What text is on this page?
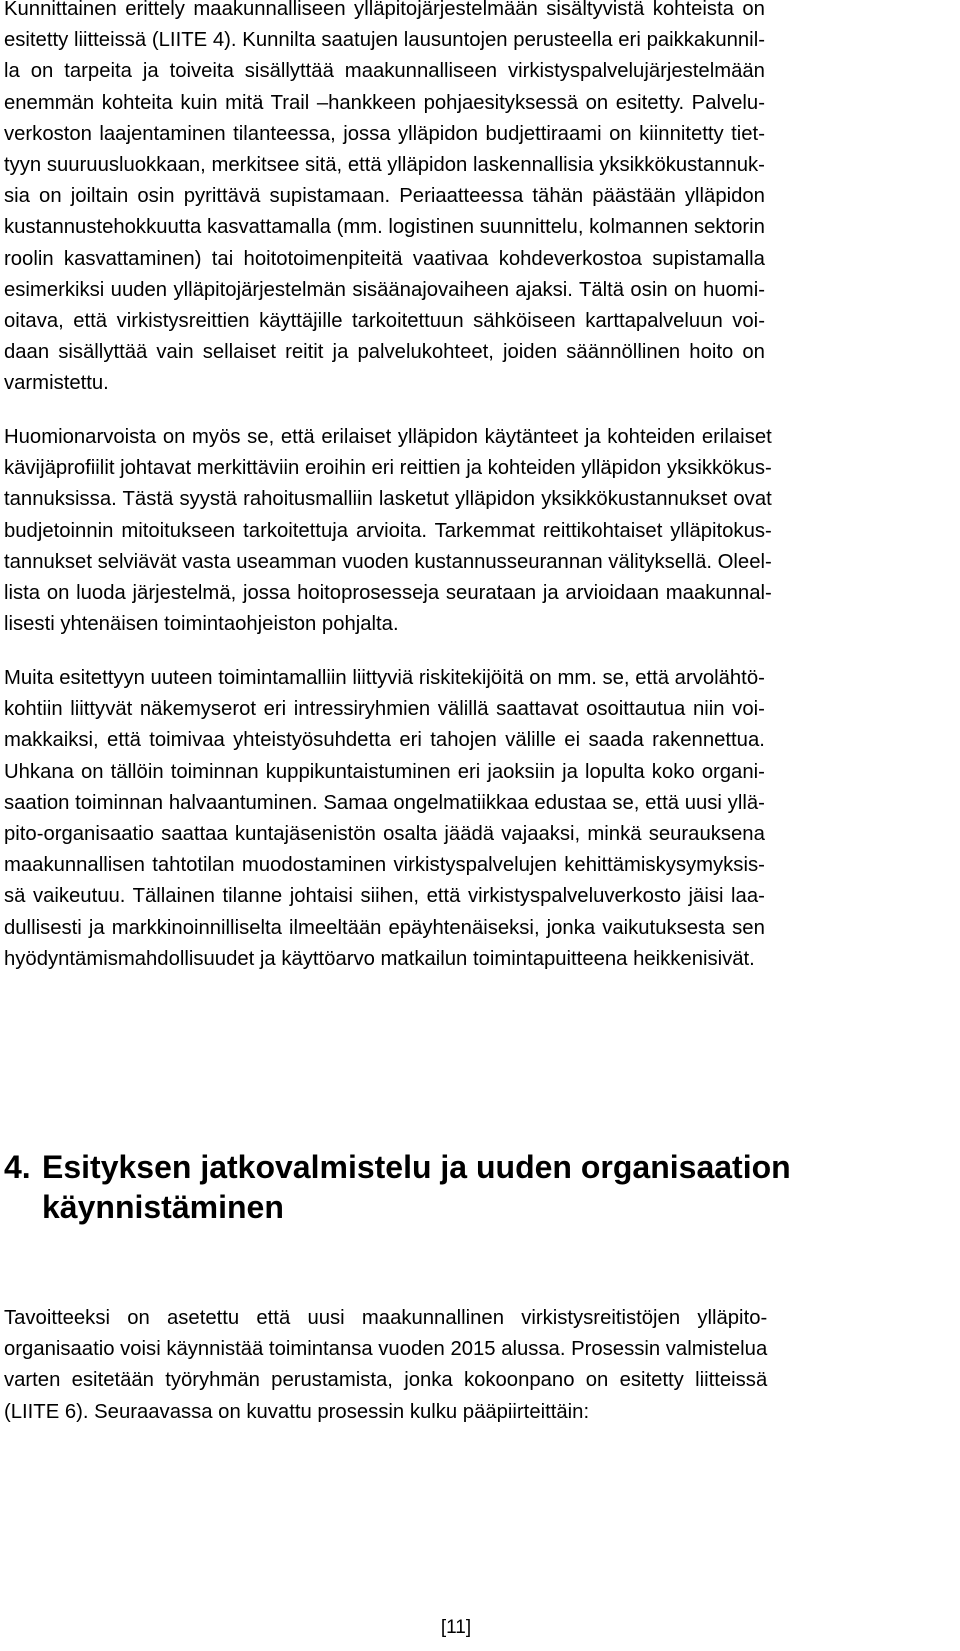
Kunnittainen erittely maakunnalliseen ylläpitojärjestelmään sisältyvistä kohteista on
esitetty liitteissä (LIITE 4). Kunnilta saatujen lausuntojen perusteella eri paikkakunnil-
la on tarpeita ja toiveita sisällyttää maakunnalliseen virkistyspalvelujärjestelmään
enemmän kohteita kuin mitä Trail –hankkeen pohjaesityksessä on esitetty. Palvelu-
verkoston laajentaminen tilanteessa, jossa ylläpidon budjettiraami on kiinnitetty tiet-
tyyn suuruusluokkaan, merkitsee sitä, että ylläpidon laskennallisia yksikkökustannuk-
sia on joiltain osin pyrittävä supistamaan. Periaatteessa tähän päästään ylläpidon
kustannustehokkuutta kasvattamalla (mm. logistinen suunnittelu, kolmannen sektorin
roolin kasvattaminen) tai hoitotoimenpiteitä vaativaa kohdeverkostoa supistamalla
esimerkiksi uuden ylläpitojärjestelmän sisäänajovaiheen ajaksi. Tältä osin on huomi-
oitava, että virkistysreittien käyttäjille tarkoitettuun sähköiseen karttapalveluun voi-
daan sisällyttää vain sellaiset reitit ja palvelukohteet, joiden säännöllinen hoito on
varmistettu.

Huomionarvoista on myös se, että erilaiset ylläpidon käytänteet ja kohteiden erilaiset
kävijäprofiilit johtavat merkittäviin eroihin eri reittien ja kohteiden ylläpidon yksikkökus-
tannuksissa. Tästä syystä rahoitusmalliin lasketut ylläpidon yksikkökustannukset ovat
budjetoinnin mitoitukseen tarkoitettuja arvioita. Tarkemmat reittikohtaiset ylläpitokus-
tannukset selviävät vasta useamman vuoden kustannusseurannan välityksellä. Oleel-
lista on luoda järjestelmä, jossa hoitoprosesseja seurataan ja arvioidaan maakunnal-
lisesti yhtenäisen toimintaohjeiston pohjalta.

Muita esitettyyn uuteen toimintamalliin liittyviä riskitekijöitä on mm. se, että arvolähtö-
kohtiin liittyvät näkemyserot eri intressiryhmien välillä saattavat osoittautua niin voi-
makkaiksi, että toimivaa yhteistyösuhdetta eri tahojen välille ei saada rakennettua.
Uhkana on tällöin toiminnan kuppikuntaistuminen eri jaoksiin ja lopulta koko organi-
saation toiminnan halvaantuminen. Samaa ongelmatiikkaa edustaa se, että uusi yllä-
pito-organisaatio saattaa kuntajäsenistön osalta jäädä vajaaksi, minkä seurauksena
maakunnallisen tahtotilan muodostaminen virkistyspalvelujen kehittämiskysymyksis-
sä vaikeutuu. Tällainen tilanne johtaisi siihen, että virkistyspalveluverkosto jäisi laa-
dullisesti ja markkinoinnilliselta ilmeeltään epäyhtenäiseksi, jonka vaikutuksesta sen
hyödyntämismahdollisuudet ja käyttöarvo matkailun toimintapuitteena heikkenisivät.

4. Esityksen jatkovalmistelu ja uuden organisaation
käynnistäminen

Tavoitteeksi on asetettu että uusi maakunnallinen virkistysreitistöjen ylläpito-
organisaatio voisi käynnistää toimintansa vuoden 2015 alussa. Prosessin valmistelua
varten esitetään työryhmän perustamista, jonka kokoonpano on esitetty liitteissä
(LIITE 6). Seuraavassa on kuvattu prosessin kulku pääpiirteittäin:

[11]
